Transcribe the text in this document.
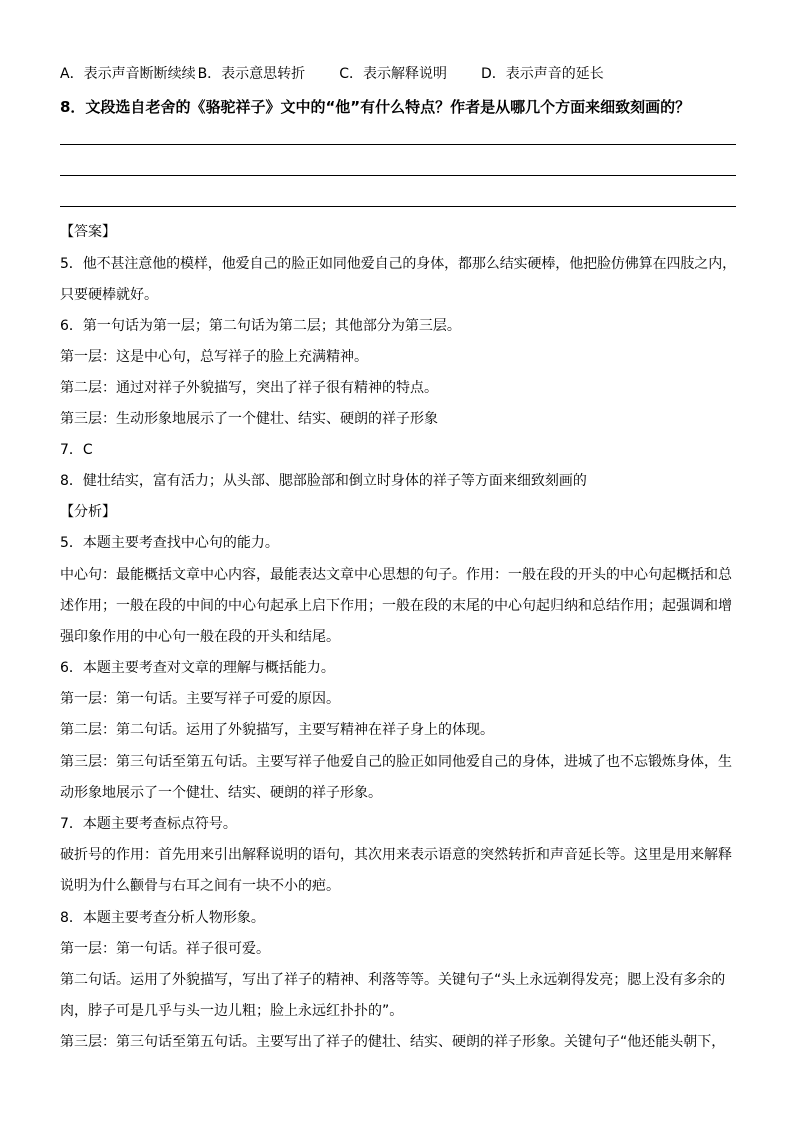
A．表示声音断断续续 B．表示意思转折 C．表示解释说明 D．表示声音的延长
8．文段选自老舍的《骆驼祥子》文中的“他”有什么特点？作者是从哪几个方面来细致刻画的？
【答案】
5．他不甚注意他的模样，他爱自己的脸正如同他爱自己的身体，都那么结实硬棒，他把脸仿佛算在四肢之内，
只要硬棒就好。
6．第一句话为第一层；第二句话为第二层；其他部分为第三层。
第一层：这是中心句，总写祥子的脸上充满精神。
第二层：通过对祥子外貌描写，突出了祥子很有精神的特点。
第三层：生动形象地展示了一个健壮、结实、硬朗的祥子形象
7．C
8．健壮结实，富有活力；从头部、腮部脸部和倒立时身体的祥子等方面来细致刻画的
【分析】
5．本题主要考查找中心句的能力。
中心句：最能概括文章中心内容，最能表达文章中心思想的句子。作用：一般在段的开头的中心句起概括和总
述作用；一般在段的中间的中心句起承上启下作用；一般在段的末尾的中心句起归纳和总结作用；起强调和增
强印象作用的中心句一般在段的开头和结尾。
6．本题主要考查对文章的理解与概括能力。
第一层：第一句话。主要写祥子可爱的原因。
第二层：第二句话。运用了外貌描写，主要写精神在祥子身上的体现。
第三层：第三句话至第五句话。主要写祥子他爱自己的脸正如同他爱自己的身体，进城了也不忘锻炼身体，生
动形象地展示了一个健壮、结实、硬朗的祥子形象。
7．本题主要考查标点符号。
破折号的作用：首先用来引出解释说明的语句，其次用来表示语意的突然转折和声音延长等。这里是用来解释
说明为什么颧骨与右耳之间有一块不小的疤。
8．本题主要考查分析人物形象。
第一层：第一句话。祥子很可爱。
第二句话。运用了外貌描写，写出了祥子的精神、利落等等。关键句子“头上永远剃得发亮；腮上没有多余的
肉，脖子可是几乎与头一边儿粗；脸上永远红扑扑的”。
第三层：第三句话至第五句话。主要写出了祥子的健壮、结实、硬朗的祥子形象。关键句子“他还能头朝下，
